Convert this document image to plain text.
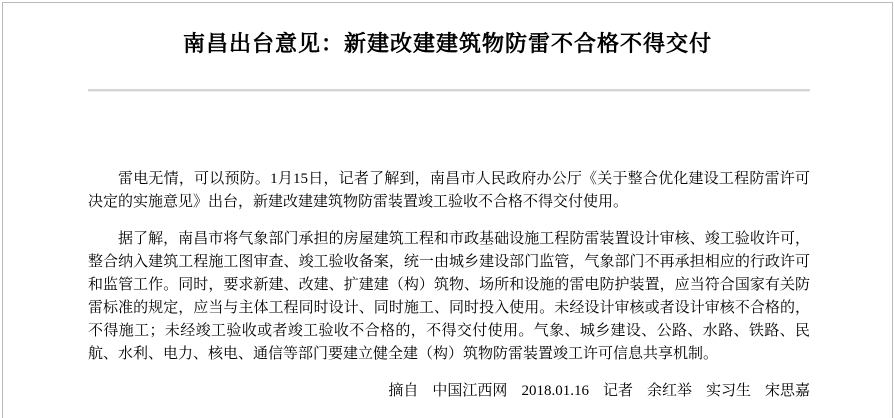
南昌出台意见：新建改建建筑物防雷不合格不得交付

雷电无情，可以预防。1月15日，记者了解到，南昌市人民政府办公厅《关于整合优化建设工程防雷许可决定的实施意见》出台，新建改建建筑物防雷装置竣工验收不合格不得交付使用。

据了解，南昌市将气象部门承担的房屋建筑工程和市政基础设施工程防雷装置设计审核、竣工验收许可，整合纳入建筑工程施工图审查、竣工验收备案，统一由城乡建设部门监管，气象部门不再承担相应的行政许可和监管工作。同时，要求新建、改建、扩建建（构）筑物、场所和设施的雷电防护装置，应当符合国家有关防雷标准的规定，应当与主体工程同时设计、同时施工、同时投入使用。未经设计审核或者设计审核不合格的，不得施工；未经竣工验收或者竣工验收不合格的，不得交付使用。气象、城乡建设、公路、水路、铁路、民航、水利、电力、核电、通信等部门要建立健全建（构）筑物防雷装置竣工许可信息共享机制。

摘自 中国江西网 2018.01.16 记者 余红举 实习生 宋思嘉
